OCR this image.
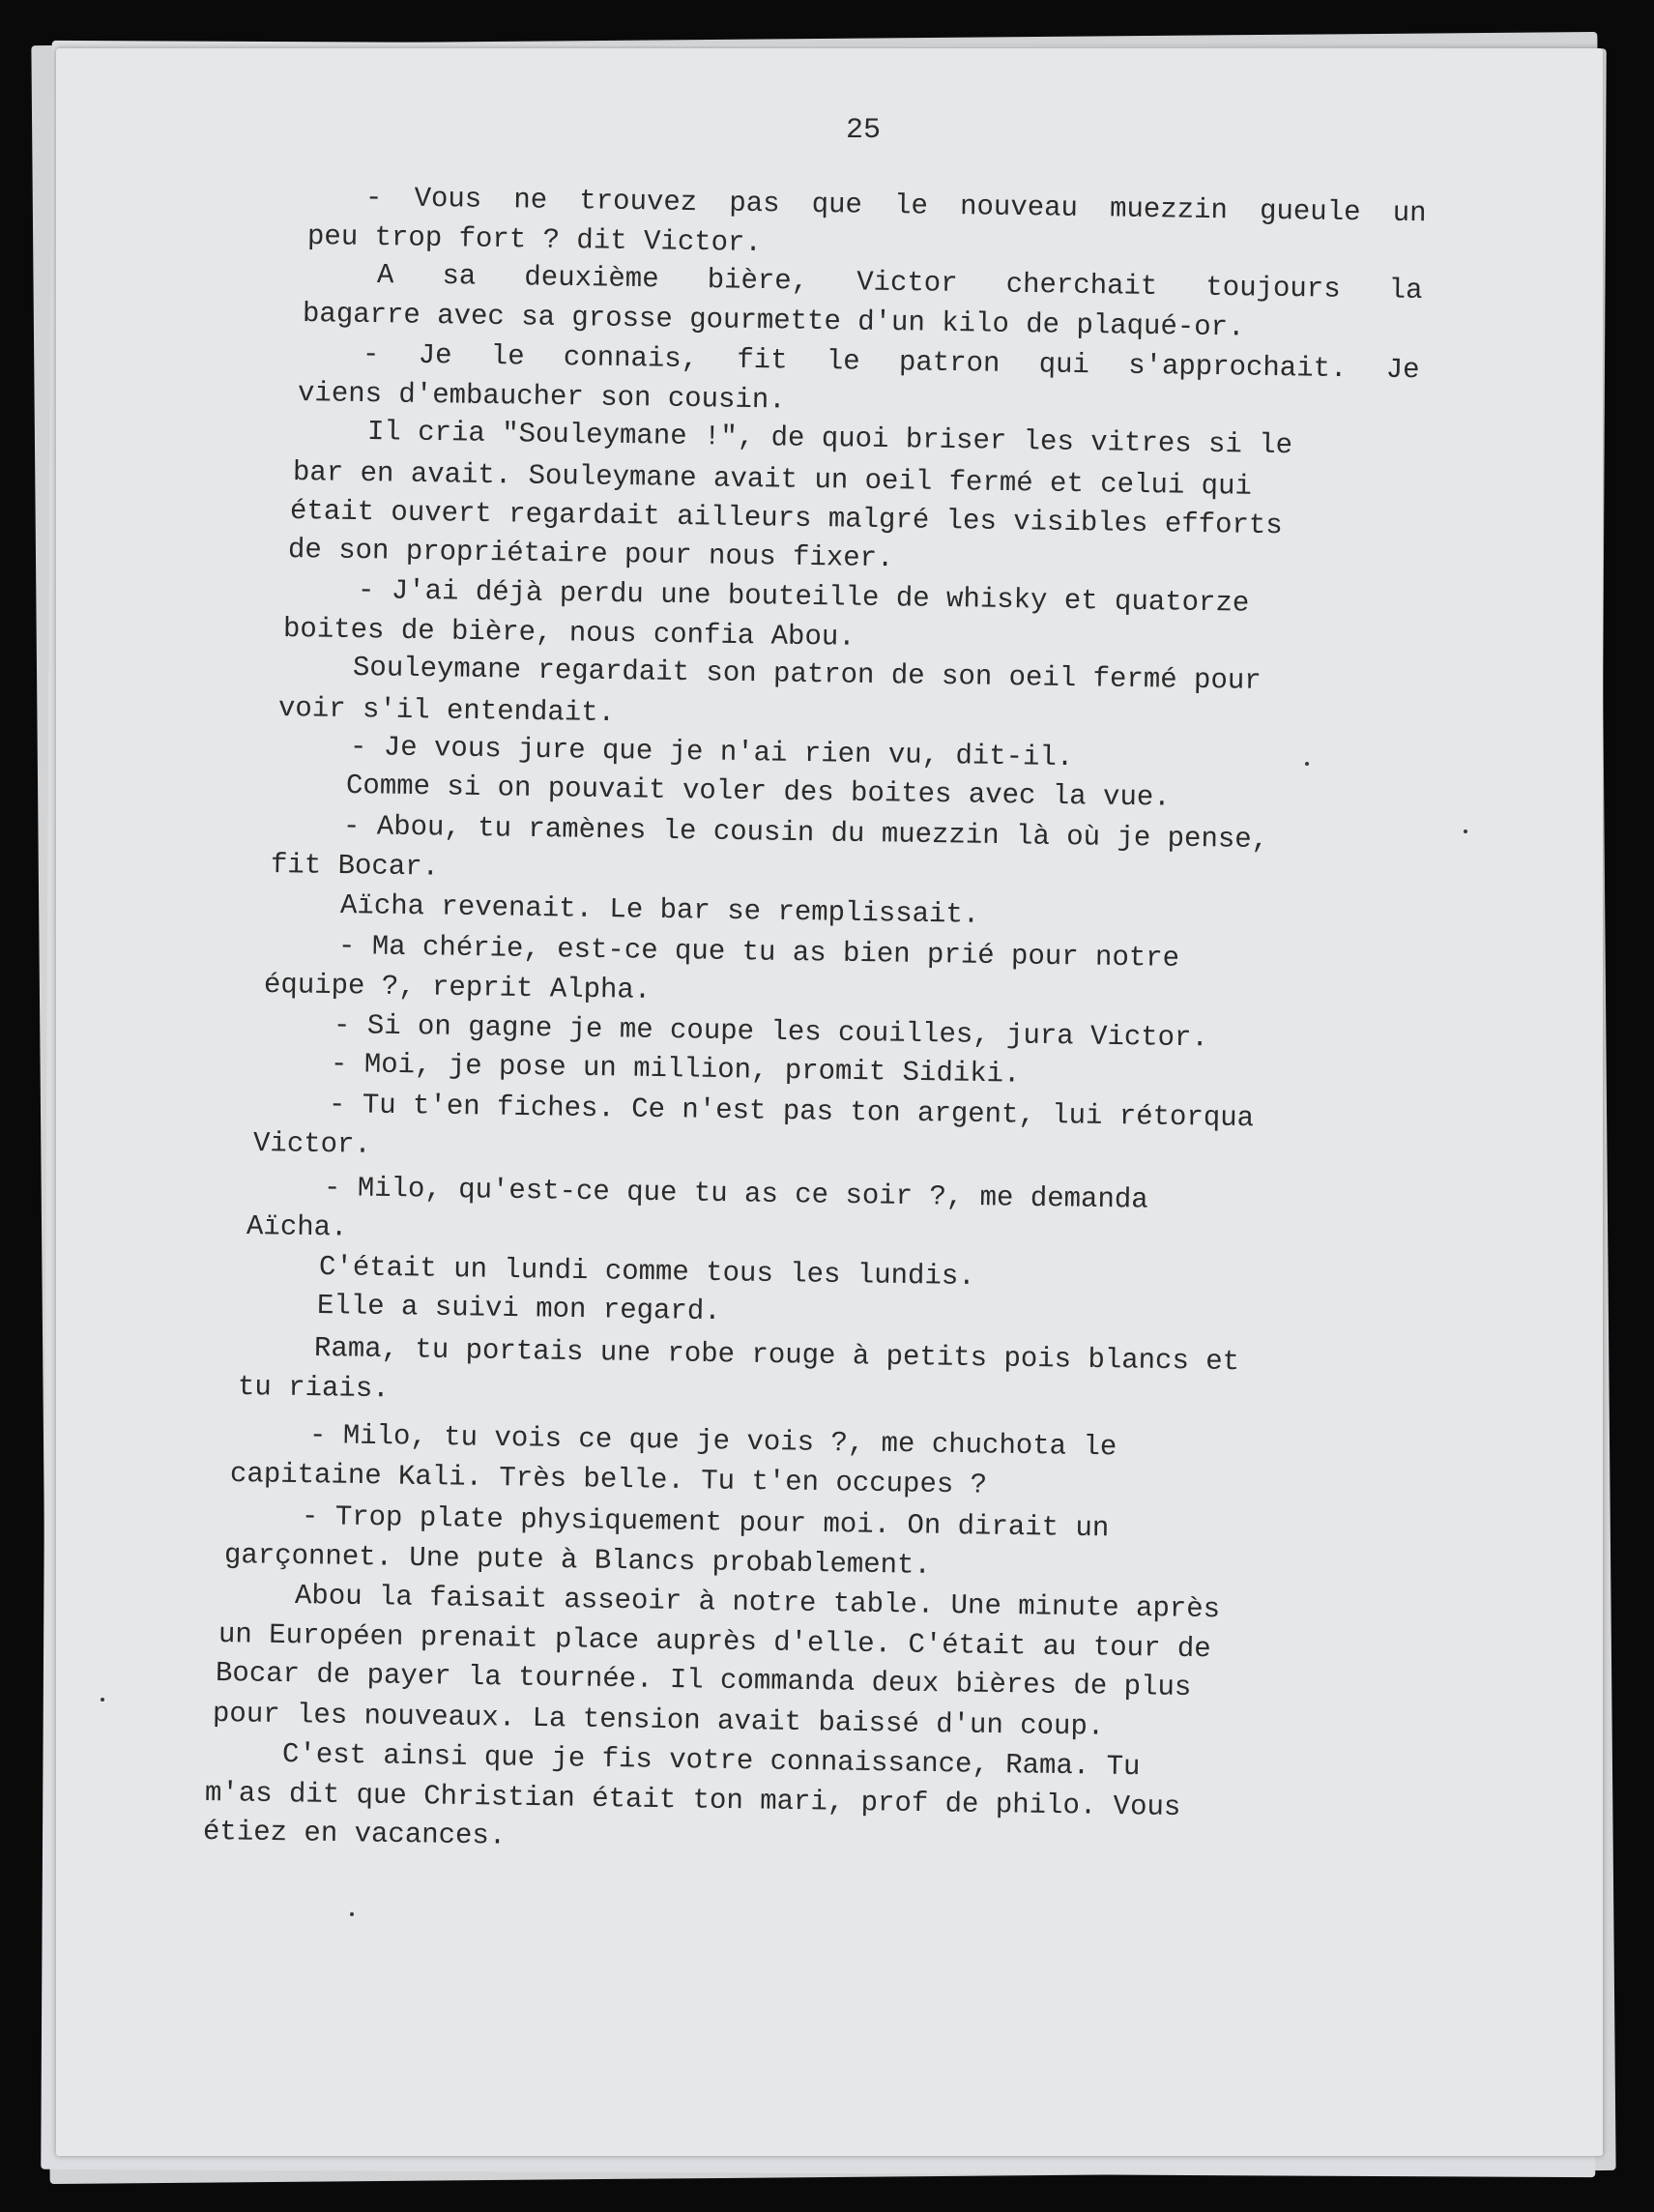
25
- Vous ne trouvez pas que le nouveau muezzin gueule un
peu trop fort ? dit Victor.
A sa deuxième bière, Victor cherchait toujours la
bagarre avec sa grosse gourmette d'un kilo de plaqué-or.
- Je le connais, fit le patron qui s'approchait. Je
viens d'embaucher son cousin.
Il cria "Souleymane !", de quoi briser les vitres si le
bar en avait. Souleymane avait un oeil fermé et celui qui
était ouvert regardait ailleurs malgré les visibles efforts
de son propriétaire pour nous fixer.
- J'ai déjà perdu une bouteille de whisky et quatorze
boites de bière, nous confia Abou.
Souleymane regardait son patron de son oeil fermé pour
voir s'il entendait.
- Je vous jure que je n'ai rien vu, dit-il.
Comme si on pouvait voler des boites avec la vue.
- Abou, tu ramènes le cousin du muezzin là où je pense,
fit Bocar.
Aïcha revenait. Le bar se remplissait.
- Ma chérie, est-ce que tu as bien prié pour notre
équipe ?, reprit Alpha.
- Si on gagne je me coupe les couilles, jura Victor.
- Moi, je pose un million, promit Sidiki.
- Tu t'en fiches. Ce n'est pas ton argent, lui rétorqua
Victor.
- Milo, qu'est-ce que tu as ce soir ?, me demanda
Aïcha.
C'était un lundi comme tous les lundis.
Elle a suivi mon regard.
Rama, tu portais une robe rouge à petits pois blancs et
tu riais.
- Milo, tu vois ce que je vois ?, me chuchota le
capitaine Kali. Très belle. Tu t'en occupes ?
- Trop plate physiquement pour moi. On dirait un
garçonnet. Une pute à Blancs probablement.
Abou la faisait asseoir à notre table. Une minute après
un Européen prenait place auprès d'elle. C'était au tour de
Bocar de payer la tournée. Il commanda deux bières de plus
pour les nouveaux. La tension avait baissé d'un coup.
C'est ainsi que je fis votre connaissance, Rama. Tu
m'as dit que Christian était ton mari, prof de philo. Vous
étiez en vacances.
